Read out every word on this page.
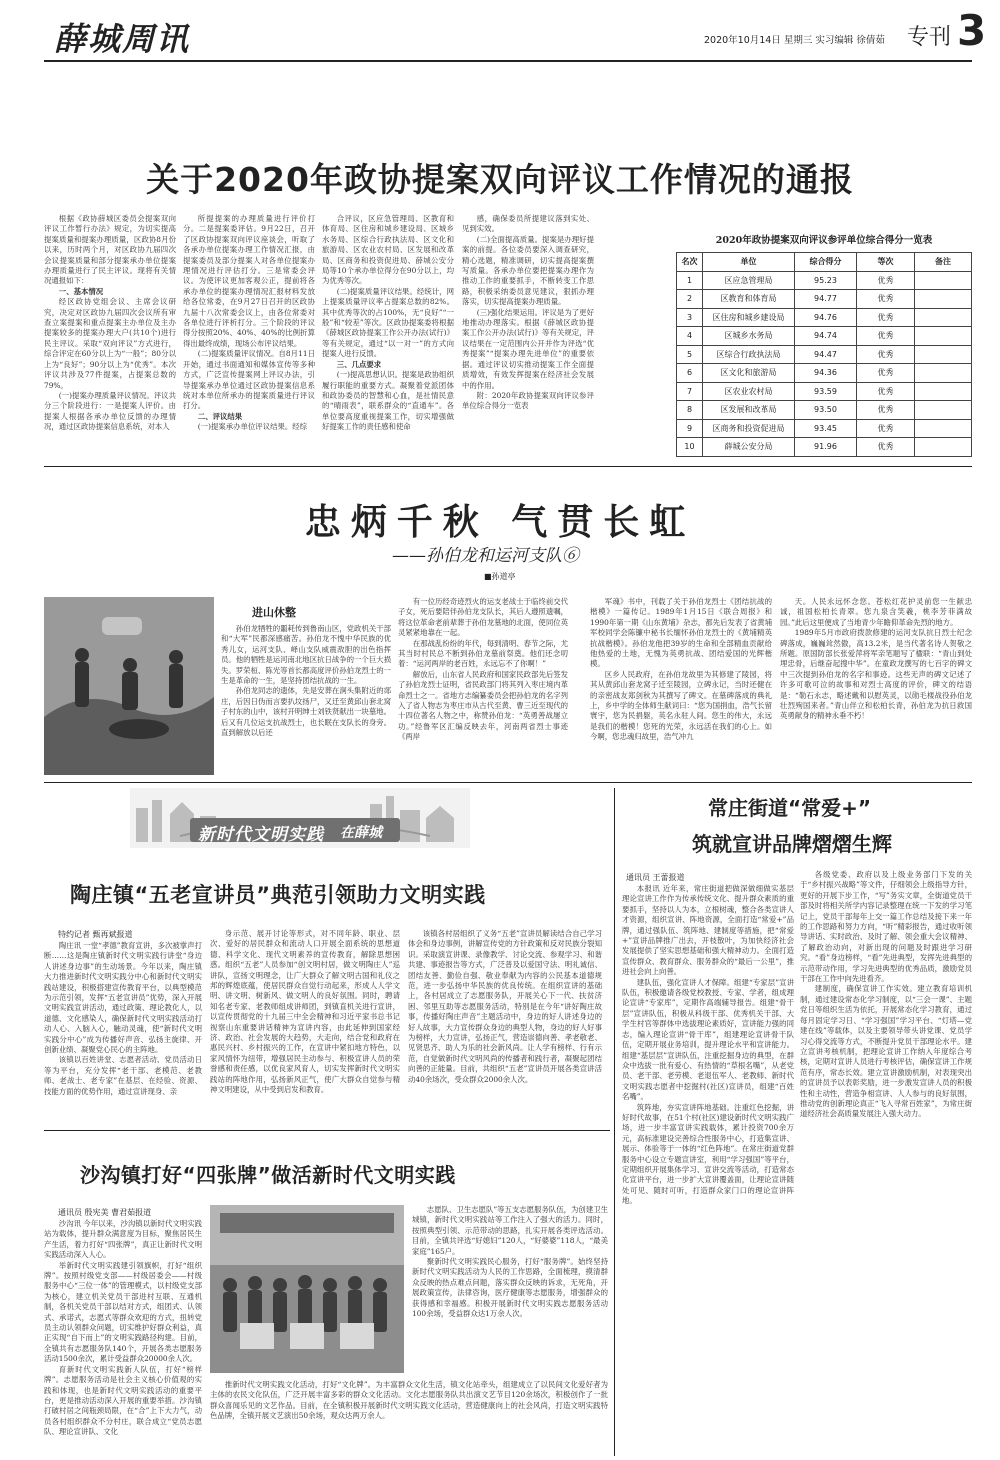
薛城周讯	2020年10月14日 星期三 实习编辑 徐倩茹 专刊 3
关于2020年政协提案双向评议工作情况的通报

根据《政协薛城区委员会提案双向评议工作暂行办法》规定，为切实提高提案质量和提案办理质量，区政协8月份以来，历时两个月，对区政协九届四次会议提案质量和部分提案承办单位提案办理质量进行了民主评议。现将有关情况通报如下：

一、基本情况

经区政协党组会议、主席会议研究，决定对区政协九届四次会议所有审查立案提案和重点提案主办单位及主办提案较多的提案办理大户(共10个)进行民主评议。采取“双向评议”方式进行，综合评定在60分以上为“一般”；80分以上为“良好”；90分以上为“优秀”。本次评议共涉及77件提案，占提案总数的79%。

(一)提案办理质量评议情况。评议共分三个阶段进行：一是提案人评价。由提案人根据各承办单位反馈的办理情况，通过区政协提案信息系统，对本人

所提提案的办理质量进行评价打分。二是提案委评估。9月22日，召开了区政协提案双向评议座谈会，听取了各承办单位提案办理工作情况汇报，由提案委员及部分提案人对各单位提案办理情况进行评估打分。三是常委会评议。为使评议更加客观公正，提前将各承办单位的提案办理情况汇报材料发放给各位常委，在9月27日召开的区政协九届十八次常委会议上，由各位常委对各单位进行评析打分。三个阶段的评议得分按照20%、40%、40%的比例折算得出最终成绩，现场公布评议结果。

(二)提案质量评议情况。自8月11日开始，通过书面通知和媒体宣传等多种方式，广泛宣传提案网上评议办法，引导提案承办单位通过区政协提案信息系统对本单位所承办的提案质量进行评议打分。

二、评议结果

(一)提案承办单位评议结果。经综

合评议，区应急管理局、区教育和体育局、区住房和城乡建设局、区城乡水务局、区综合行政执法局、区文化和旅游局、区农业农村局、区发展和改革局、区商务和投资促进局、薛城公安分局等10个承办单位得分在90分以上，均为优秀等次。

(二)提案质量评议结果。经统计，网上提案质量评议率占提案总数的82%。其中优秀等次的占100%，无“良好”“一般”和“较差”等次。区政协提案委将根据《薛城区政协提案工作公开办法(试行)》等有关规定，通过“以一对一”的方式向提案人进行反馈。

三、几点要求

(一)提高思想认识。提案是政协组织履行职能的重要方式。凝聚着党派团体和政协委员的智慧和心血，是社情民意的“晴雨表”，联系群众的“直通车”。各单位要高度重视提案工作，切实增强做好提案工作的责任感和使命

感，确保委员所提建议落到实处、见到实效。

(二)全面提高质量。提案是办理好提案的前提。各位委员要深入调查研究，精心选题，精准调研，切实提高提案撰写质量。各承办单位要把提案办理作为推动工作的重要抓手，不断转变工作思路，积极采纳委员意见建议，狠抓办理落实，切实提高提案办理质量。

(三)强化结果运用。评议是为了更好地推动办理落实。根据《薛城区政协提案工作公开办法(试行)》等有关规定，评议结果在一定范围内公开并作为评选“优秀提案”“提案办理先进单位”的重要依据。通过评议切实推动提案工作全面提质增效，有效发挥提案在经济社会发展中的作用。

附：2020年政协提案双向评议参评单位综合得分一览表

2020年政协提案双向评议参评单位综合得分一览表
名次	单位	综合得分	等次	备注
1	区应急管理局	95.23	优秀	
2	区教育和体育局	94.77	优秀	
3	区住房和城乡建设局	94.76	优秀	
4	区城乡水务局	94.74	优秀	
5	区综合行政执法局	94.47	优秀	
6	区文化和旅游局	94.36	优秀	
7	区农业农村局	93.59	优秀	
8	区发展和改革局	93.50	优秀	
9	区商务和投资促进局	93.45	优秀	
10	薛城公安分局	91.96	优秀	
忠炳千秋 气贯长虹
——孙伯龙和运河支队⑥
■孙道亭
进山休整

孙伯龙牺牲的噩耗传到鲁南山区，党政机关干部和“大军”民都深感痛苦。孙伯龙不愧中华民族的优秀儿女，运河支队、峄山支队威震敌胆的出色指挥员。他的牺牲是运河南北地区抗日战争的一个巨大损失。罗荣桓、陈光等首长都高度评价孙伯龙烈士的一生是革命的一生，是坚持团结抗战的一生。

孙伯龙同志的遗体，先是安葬在涧头集附近的郯庄，后因日伪而言要扒坟扬尸，又迁至黄邱山套北窝子村东的山中，该村开明绅士刘铁贤献出一块墓地。后又有几位运支抗战烈士，也长眠在支队长的身旁。直到解放以后还

有一位历经奇迹烈火的运支老战士于临终前交代子女，死后要陪伴孙伯龙支队长，其后人遵照遗嘱，将这位革命老前辈葬于孙伯龙墓地的北面，使同位英灵紧紧地靠在一起。

在那战乱纷纷的年代，每到清明、春节之际，尤其当时村民总不断到孙伯龙墓前祭奠。他们还念叨着：“运河两岸的老百姓，永远忘不了你啊！”

解放后，山东省人民政府和国家民政部先后签发了孙伯龙烈士证明，省民政部门将其列入枣庄境内革命烈士之一。省地方志编纂委员会把孙伯龙的名字列入了省人物志为枣庄市从古代至黄、曹三近至现代的十四位著名人物之中，称赞孙伯龙：“英勇善战屡立功。”经鲁军区汇编反映去年，河南两省烈士事迹《两岸

军魂》书中，刊载了关于孙伯龙烈士《团结抗战的楷模》一篇传记。1989年1月15日《联合周报》和1990年第一期《山东黄埔》杂志，都先后发表了省黄埔军校同学会陈镰中秘书长缅怀孙伯龙烈士的《黄埔精英抗战楷模》。孙伯龙他把39岁的生命和全部精血贡献给他热爱的土地，无愧为英勇抗战、团结爱国的光辉楷模。

区乡人民政府，在孙伯龙故里为其修建了陵园，将其从黄邱山套龙窝子迁至陵园，立碑永记，当时还健在的亲密战友郑剑秋为其撰写了碑文。在墓碑落成的典礼上，乡中学的全体师生献词曰：“您为国捐血，浩气长留寰宇，您为民捐躯，英名永驻人间。您生的伟大，永远是我们的楷模！您死的光荣，永远活在我们的心上。如今啊，您忠魂归故里，浩气冲九

天。人民永远怀念您。苍松红花护灵前您一生献忠诚，祖国松柏长青翠。您九泉含笑羲，桃李芳菲满故园。”此后这里便成了当地青少年瞻仰革命先烈的地方。

1989年5月市政府拨款修建的运河支队抗日烈士纪念碑落成，巍巍耸然傲，高13.2米，是当代著名诗人贺敬之所题。原国防部长张爱萍将军亲笔题写了楹联：“青山到处埋忠骨，后继奋起搜中华”。在童政龙撰写的七百字的碑文中三次提到孙伯龙的名字和事迹。这些无声的碑文记述了许多可歌可泣的故事和对烈士高度的评价，碑文的结语是：“勒石永志，略述戴和以慰英灵，以勋毛楼战役孙伯龙壮烈殉国来者。”青山伴立和松柏长青，孙伯龙为抗日救国英勇献身的精神永垂不朽！

新时代文明实践 在薛城
陶庄镇“五老宣讲员”典范引领助力文明实践
特约记者 甄再斌报道

陶庄讯 一堂“孝德”教育宣讲，多次被掌声打断……这是陶庄镇新时代文明实践行讲堂“身边人讲述身边事”的生动场景。今年以来，陶庄镇大力推进新时代文明实践分中心和新时代文明实践站建设，积极搭建宣传教育平台，以典型模范为示范引领，发挥“五老宣讲员”优势，深入开展文明实践宣讲活动，通过政策、理论教化人，以道德、文化感染人，确保新时代文明实践活动打动人心、入脑入心，触动灵魂，使“新时代文明实践分中心”成为传播好声音、弘扬主旋律、开创新业绩、凝聚党心民心的主阵地。

该镇以百姓讲堂、志愿者活动、党员活动日等为平台，充分发挥“老干部、老模范、老教师、老战士、老专家”在基层、在经验、资源、技能方面的优势作用，通过宣讲现身、亲

身示范、展开讨论等形式，对不同年龄、职业、层次、爱好的居民群众和流动人口开展全面系统的思想道德、科学文化、现代文明素养的宣传教育，解除思想困惑。组织“五老”人员参加“创文明村居，做文明陶庄人”巡讲队，宣扬文明理念，让广大群众了解文明古国和礼仪之邦的辉煌底蕴，使居民群众自觉行动起来，形成人人学文明、讲文明、树新风、做文明人的良好氛围。同时，聘请知名老专家、老教师组成讲师团，到镇直机关进行宣讲，以宣传贯彻党的十九届三中全会精神和习近平家书总书记视察山东重要讲话精神为宣讲内容，由此延伸到国家经济、政治、社会发展的大趋势，大走向，结合党和政府在惠民兴村、乡村振兴的工作，在宣讲中紧扣地方特色，以家风情怀为纽带，增强居民主动参与、积极宣讲人员的荣誉感和责任感，以优良家风育人，切实发挥新时代文明实践站的阵地作用，弘扬新风正气，使广大群众自觉参与精神文明建设，从中受到启发和教育。

该镇各村居组织了义务“五老”宣讲员解读结合自己学习体会和身边事例，讲解宣传党的方针政策和反对民族分裂知识。采取演宣讲课、录像教学、讨论交流、参观学习、和谐共建、事迹报告等方式，广泛普及以爱国守法、明礼诚信、团结友善、勤俭自强、敬业奉献为内容的公民基本道德规范，进一步弘扬中华民族的优良传统。在组织宣讲的基础上，各村居成立了志愿服务队，开展关心下一代、扶贫济困、邻里互助等志愿服务活动，特别是在今年“讲好陶庄故事，传播好陶庄声音”主题活动中，身边的好人讲述身边的好人故事，大力宣传群众身边的典型人物，身边的好人好事为榜样，大力宣讲，弘扬正气，营造崇德向善、孝老敬老、见贤思齐、助人为乐的社会新风尚。让人学有榜样、行有示范，自觉做新时代文明风尚的传播者和践行者，凝聚起团结向善的正能量。目前，共组织“五老”宣讲员开展各类宣讲活动40余场次，受众群众2000余人次。

沙沟镇打好“四张牌”做活新时代文明实践
通讯员 殷宪美 曹君茹报道

沙沟讯 今年以来，沙沟镇以新时代文明实践站为载体，提升群众满意度为目标，聚焦居民生产生活，着力打好“四张牌”，真正让新时代文明实践活动深入人心。

举新时代文明实践建引领旗帜，打好“组织牌”。按照村级党支部——村级居委会——村级服务中心“三位一体”的管理模式，以村级党支部为核心，建立机关党员干部进村互联、互通机制，各机关党员干部以结对方式，组团式、认领式、承诺式，志愿式等群众欢迎的方式，扭转党员主动认领群众问题，切实维护好群众利益，真正实现“自下而上”的文明实践路径构建。目前，全镇共有志愿服务队140个，开展各类志愿服务活动1500余次，累计受益群众20000余人次。

育新时代文明实践新人队伍，打好“榜样牌”。志愿服务活动是社会主义核心价值观的实践和体现，也是新时代文明实践活动的重要平台，更是推动活动深入开展的重要举措。沙沟镇打破村居之间瓶颈局限，在“合”上下大力气，动员各村组织群众不分村庄，联合成立“党员志愿队、理论宣讲队、文化

志愿队、卫生志愿队”等五支志愿服务队伍，为创建卫生城镇，新时代文明实践站等工作注入了强大的活力。同时，按照典型引领、示范带动的思路，扎实开展各类评选活动。目前，全镇共评选“好媳妇”120人，“好婆婆”118人，“最美家庭”165户。

聚新时代文明实践民心服务，打好“服务牌”。始终坚持新时代文明实践活动为人民的工作思路，全面梳理，摸清群众反映的热点难点问题，落实群众反映的诉求，无死角，开展政策宣传，法律咨询，医疗健康等志愿服务，增强群众的获得感和幸福感。积极开展新时代文明实践志愿服务活动100余场，受益群众达1万余人次。

推新时代文明实践文化活动，打好“文化牌”。为丰富群众文化生活，镇文化站牵头，组建成立了以民间文化爱好者为主体的农民文化队伍，广泛开展丰富多彩的群众文化活动。文化志愿服务队共出演文艺节目120余场次，积极创作了一批群众喜闻乐见的文艺作品。目前，在全镇积极开展新时代文明实践文化活动，营造健康向上的社会风尚，打造文明实践特色品牌，全镇开展文艺演出50余场，观众达两万余人。

常庄街道“常爱+”
筑就宣讲品牌熠熠生辉
通讯员 王蕾报道

本报讯 近年来，常庄街道把做深做细做实基层理论宣讲工作作为传承传统文化、提升群众素质的重要抓手，坚持以人为本，立根树魂，整合各类宣讲人才资源，组织宣讲、阵地资源，全面打造“常爱+”品牌，通过强队伍、筑阵地、建制度等措施，把“常爱+”宣讲品牌推广出去，开枝散叶，为加快经济社会发展提供了坚实思想基础和强大精神动力。全面打造宣传群众、教育群众、服务群众的“最后一公里”，推进社会向上向善。

建队伍，强化宣讲人才保障。组建“专家层”宣讲队伍，积极邀请各级党校教授、专家、学者，组成理论宣讲“专家库”，定期作高端辅导报告。组建“骨干层”宣讲队伍，积极从科级干部、优秀机关干部、大学生村官等群体中选拔理论素质好，宣讲能力强的同志，编入理论宣讲“骨干库”，组建理论宣讲骨干队伍，定期开展业务培训，提升理论水平和宣讲能力。组建“基层层”宣讲队伍，注重挖掘身边的典型，在群众中选拔一批有爱心、有热情的“草根名嘴”，从老党员、老干部、老劳模、老退伍军人、老教师、新时代文明实践志愿者中挖掘村(社区)宣讲员，组建“百姓名嘴”。

筑阵地，夯实宣讲阵地基础。注重红色挖掘，讲好时代故事，在51个村(社区)建设新时代文明实践广场，进一步丰富宣讲实践载体，累计投资700余万元，高标准建设完善综合性服务中心，打造集宣讲、展示、体验等于一体的“红色阵地”。在常庄街道党群服务中心设立专题宣讲室，利用“学习强国”等平台，定期组织开展集体学习、宣讲交流等活动，打造常态化宣讲平台，进一步扩大宣讲覆盖面，让理论宣讲随处可见、随时可听，打造群众家门口的理论宣讲阵地。

各级党委、政府以及上级业务部门下发的关于“乡村振兴战略”等文件，仔细领会上级指导方针，更好的开展下步工作，“写”务实文章，全街道党员干部及时将相关所学内容记录整理在统一下发的学习笔记上，党员干部每年上交一篇工作总结及接下来一年的工作思路和努力方向，“听”精彩报告，通过收听领导讲话、实时政治、及时了解、领会重大会议精神、了解政治动向，对新出现的问题及时跟进学习研究。“看”身边榜样，“看”先进典型，发挥先进典型的示范带动作用，学习先进典型的优秀品质，激励党员干部在工作中向先进看齐。

建制度，确保宣讲工作实效。建立教育培训机制，通过建设常态化学习制度，以“三会一课”、主题党日等组织生活为依托，开展常态化学习教育，通过每月固定学习日、“学习强国”学习平台、“灯塔—党建在线”等载体，以及主要领导带头讲党课、党员学习心得交流等方式，不断提升党员干部理论水平。建立宣讲考核机制，把理论宣讲工作纳入年度综合考核，定期对宣讲人员进行考核评估，确保宣讲工作规范有序，常态长效。建立宣讲激励机制，对表现突出的宣讲员予以表彰奖励，进一步激发宣讲人员的积极性和主动性，营造争相宣讲、人人参与的良好氛围，推动党的创新理论真正“飞入寻常百姓家”，为常庄街道经济社会高质量发展注入强大动力。
